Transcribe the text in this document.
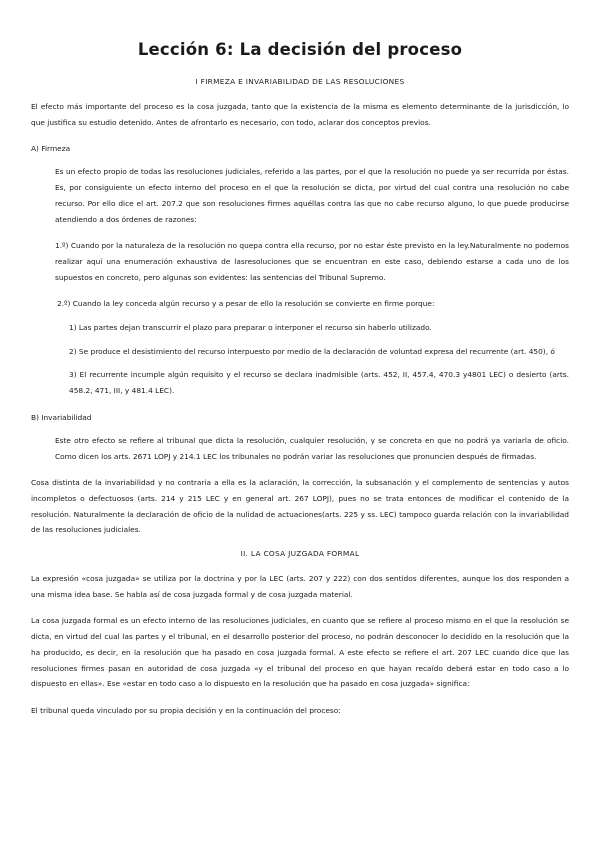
Lección 6: La decisión del proceso
I FIRMEZA E INVARIABILIDAD DE LAS RESOLUCIONES

El efecto más importante del proceso es la cosa juzgada, tanto que la existencia de la misma es elemento determinante de la jurisdicción, lo que justifica su estudio detenido. Antes de afrontarlo es necesario, con todo, aclarar dos conceptos previos.

A) Firmeza

Es un efecto propio de todas las resoluciones judiciales, referido a las partes, por el que la resolución no puede ya ser recurrida por éstas. Es, por consiguiente un efecto interno del proceso en el que la resolución se dicta, por virtud del cual contra una resolución no cabe recurso. Por ello dice el art. 207.2 que son resoluciones firmes aquéllas contra las que no cabe recurso alguno, lo que puede producirse atendiendo a dos órdenes de razones:

1.º) Cuando por la naturaleza de la resolución no quepa contra ella recurso, por no estar éste previsto en la ley.Naturalmente no podemos realizar aquí una enumeración exhaustiva de lasresoluciones que se encuentran en este caso, debiendo estarse a cada uno de los supuestos en concreto, pero algunas son evidentes: las sentencias del Tribunal Supremo.

2.º) Cuando la ley conceda algún recurso y a pesar de ello la resolución se convierte en firme porque:

1) Las partes dejan transcurrir el plazo para preparar o interponer el recurso sin haberlo utilizado.

2) Se produce el desistimiento del recurso interpuesto por medio de la declaración de voluntad expresa del recurrente (art. 450), ó

3) El recurrente incumple algún requisito y el recurso se declara inadmisible (arts. 452, II, 457.4, 470.3 y4801 LEC) o desierto (arts. 458.2, 471, III, y 481.4 LEC).

B) Invariabilidad

Este otro efecto se refiere al tribunal que dicta la resolución, cualquier resolución, y se concreta en que no podrá ya variarla de oficio. Como dicen los arts. 2671 LOPJ y 214.1 LEC los tribunales no podrán variar las resoluciones que pronuncien después de firmadas.

Cosa distinta de la invariabilidad y no contraria a ella es la aclaración, la corrección, la subsanación y el complemento de sentencias y autos incompletos o defectuosos (arts. 214 y 215 LEC y en general art. 267 LOPJ), pues no se trata entonces de modificar el contenido de la resolución. Naturalmente la declaración de oficio de la nulidad de actuaciones(arts. 225 y ss. LEC) tampoco guarda relación con la invariabilidad de las resoluciones judiciales.

II. LA COSA JUZGADA FORMAL

La expresión «cosa juzgada» se utiliza por la doctrina y por la LEC (arts. 207 y 222) con dos sentidos diferentes, aunque los dos responden a una misma idea base. Se habla así de cosa juzgada formal y de cosa juzgada material.

La cosa juzgada formal es un efecto interno de las resoluciones judiciales, en cuanto que se refiere al proceso mismo en el que la resolución se dicta, en virtud del cual las partes y el tribunal, en el desarrollo posterior del proceso, no podrán desconocer lo decidido en la resolución que la ha producido, es decir, en la resolución que ha pasado en cosa juzgada formal. A este efecto se refiere el art. 207 LEC cuando dice que las resoluciones firmes pasan en autoridad de cosa juzgada «y el tribunal del proceso en que hayan recaído deberá estar en todo caso a lo dispuesto en ellas». Ese «estar en todo caso a lo dispuesto en la resolución que ha pasado en cosa juzgada» significa:

El tribunal queda vinculado por su propia decisión y en la continuación del proceso:
